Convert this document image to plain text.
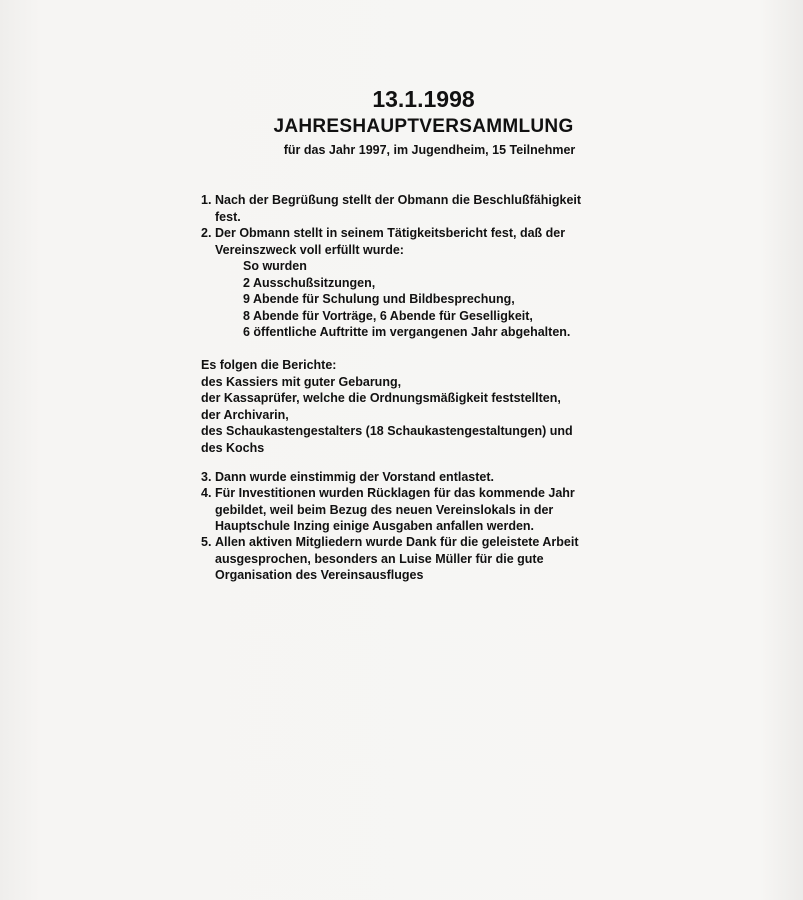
13.1.1998
JAHRESHAUPTVERSAMMLUNG
für das Jahr 1997, im Jugendheim, 15 Teilnehmer
1. Nach der Begrüßung stellt der Obmann die Beschlußfähigkeit
fest.
2. Der Obmann stellt in seinem Tätigkeitsbericht fest, daß der
Vereinszweck voll erfüllt wurde:
So wurden
2 Ausschußsitzungen,
9 Abende für Schulung und Bildbesprechung,
8 Abende für Vorträge, 6 Abende für Geselligkeit,
6 öffentliche Auftritte im vergangenen Jahr abgehalten.
Es folgen die Berichte:
des Kassiers mit guter Gebarung,
der Kassaprüfer, welche die Ordnungsmäßigkeit feststellten,
der Archivarin,
des Schaukastengestalters (18 Schaukastengestaltungen) und
des Kochs
3. Dann wurde einstimmig der Vorstand entlastet.
4. Für Investitionen wurden Rücklagen für das kommende Jahr
gebildet, weil beim Bezug des neuen Vereinslokals in der
Hauptschule Inzing einige Ausgaben anfallen werden.
5. Allen aktiven Mitgliedern wurde Dank für die geleistete Arbeit
ausgesprochen, besonders an Luise Müller für die gute
Organisation des Vereinsausfluges
